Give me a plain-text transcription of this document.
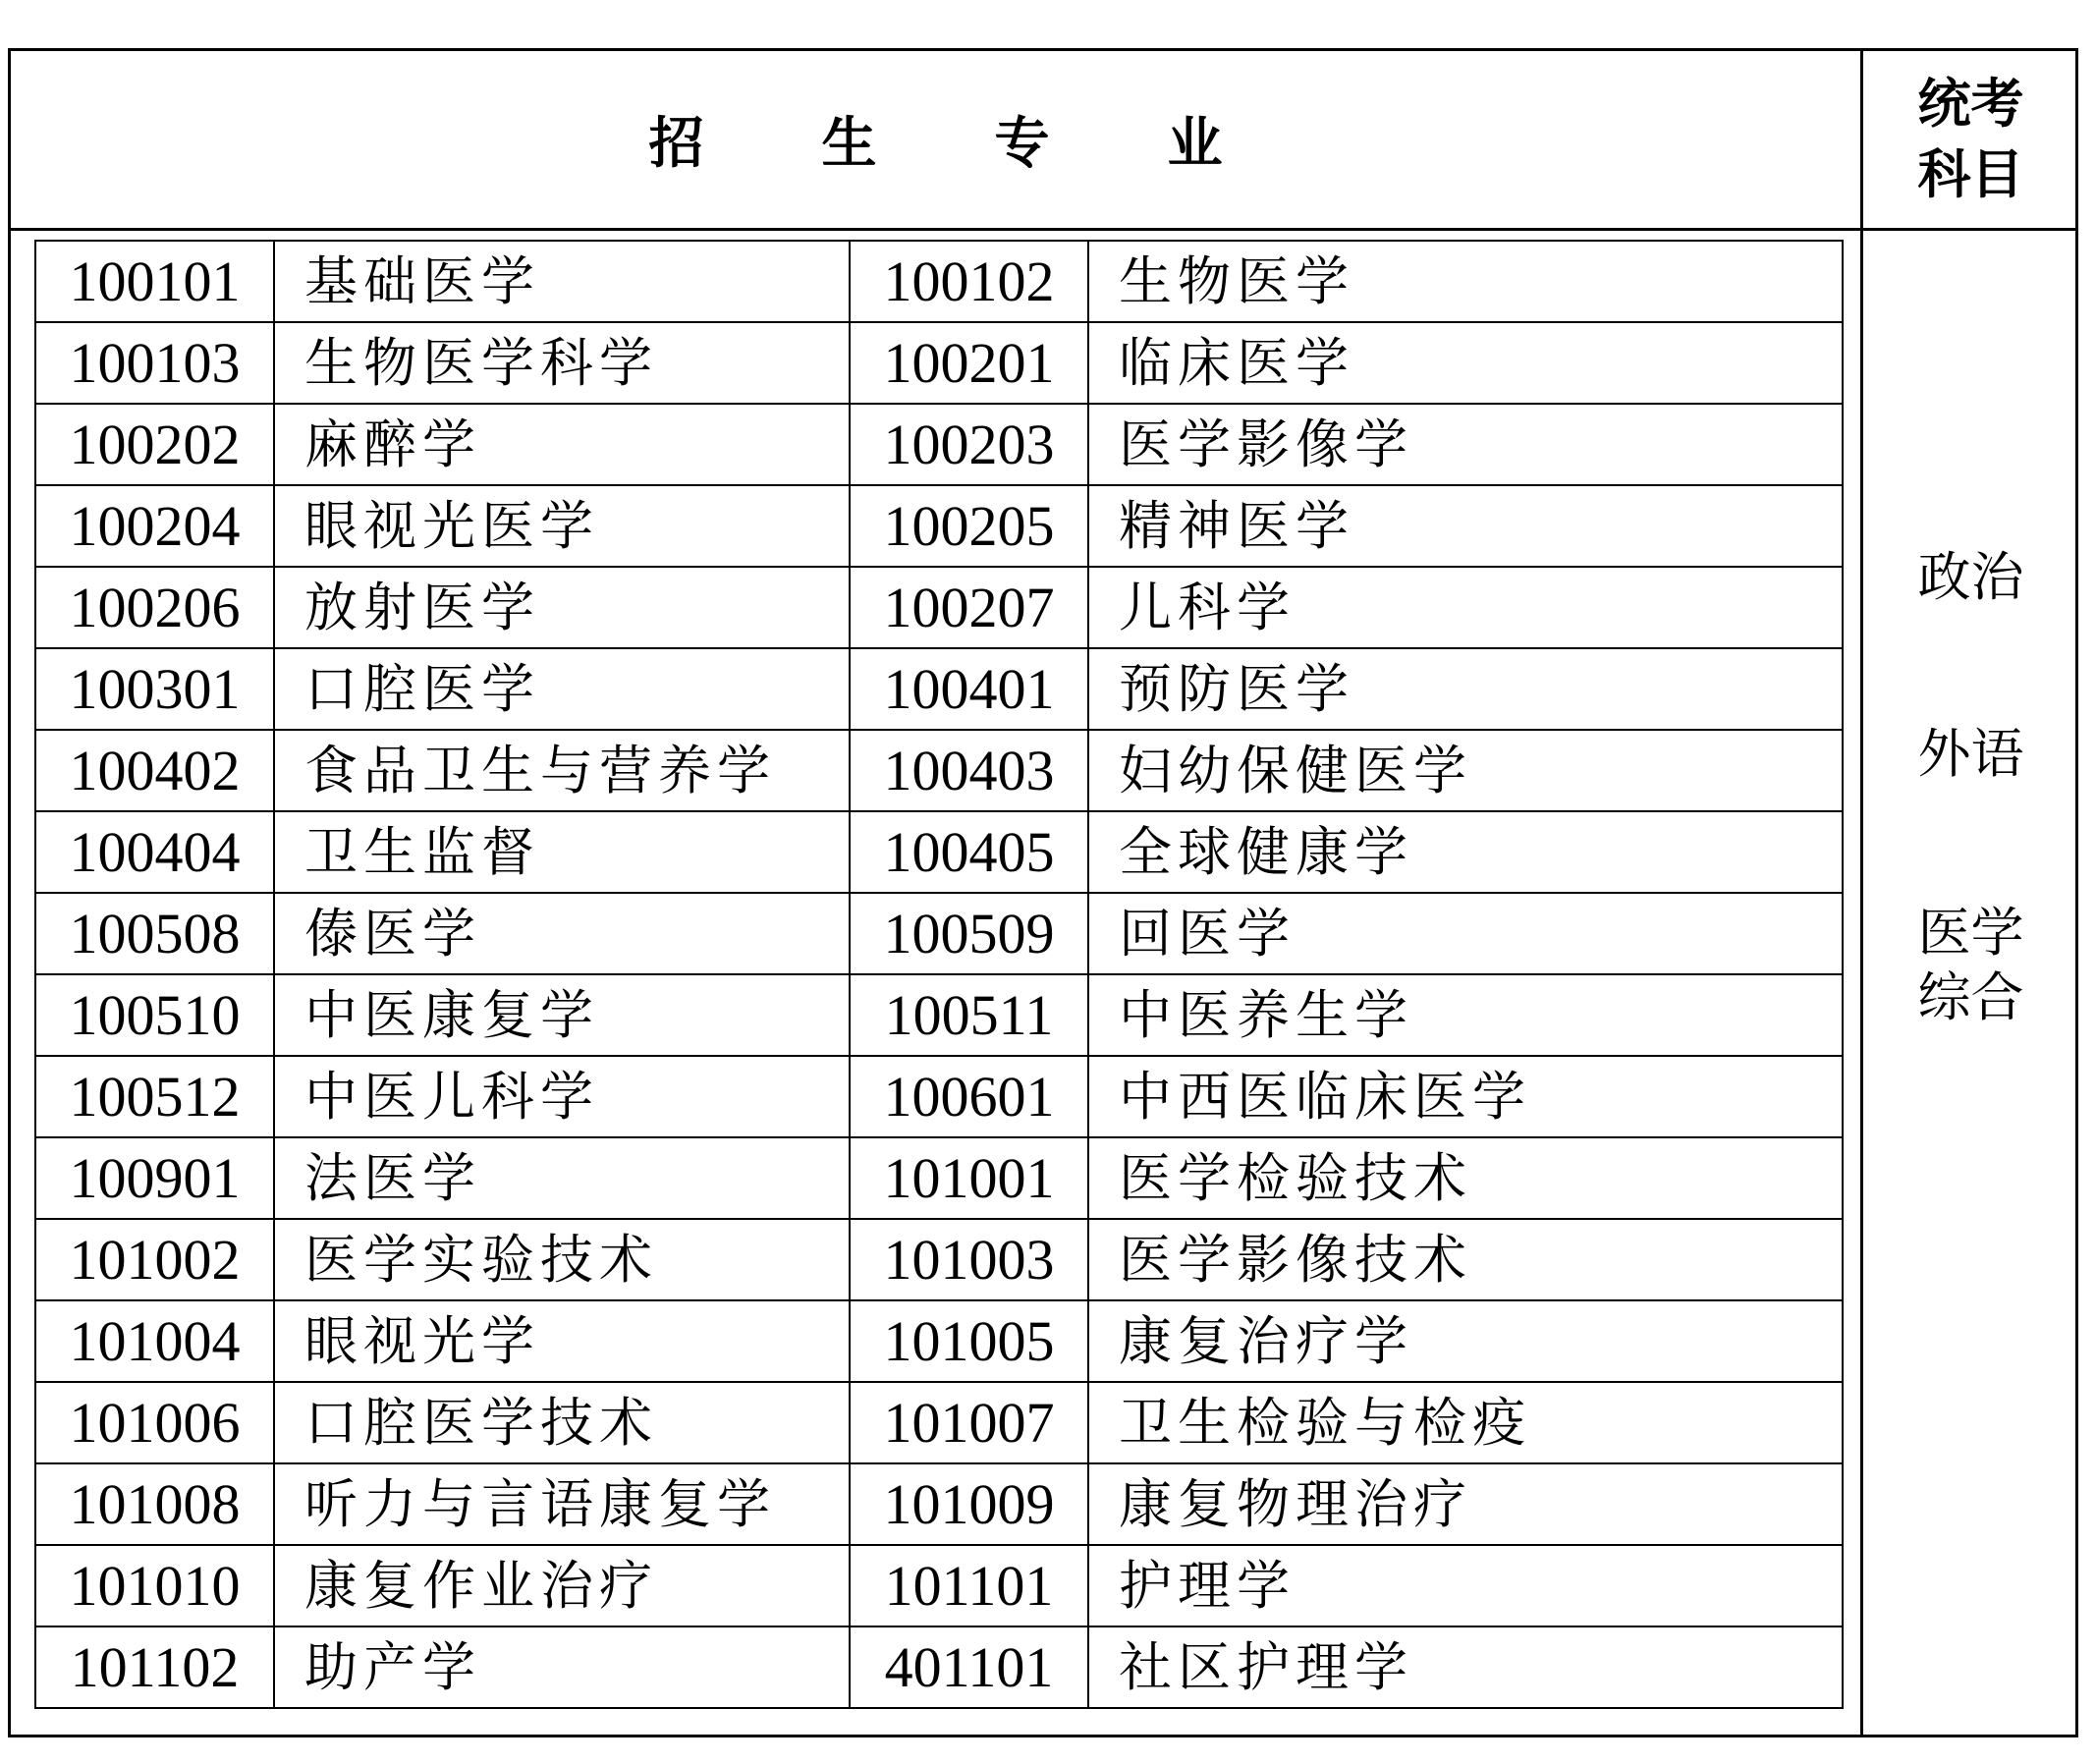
招生专业
统考
科目
100101	基础医学	100102	生物医学
100103	生物医学科学	100201	临床医学
100202	麻醉学	100203	医学影像学
100204	眼视光医学	100205	精神医学
100206	放射医学	100207	儿科学
100301	口腔医学	100401	预防医学
100402	食品卫生与营养学	100403	妇幼保健医学
100404	卫生监督	100405	全球健康学
100508	傣医学	100509	回医学
100510	中医康复学	100511	中医养生学
100512	中医儿科学	100601	中西医临床医学
100901	法医学	101001	医学检验技术
101002	医学实验技术	101003	医学影像技术
101004	眼视光学	101005	康复治疗学
101006	口腔医学技术	101007	卫生检验与检疫
101008	听力与言语康复学	101009	康复物理治疗
101010	康复作业治疗	101101	护理学
101102	助产学	401101	社区护理学
政治
外语
医学
综合
